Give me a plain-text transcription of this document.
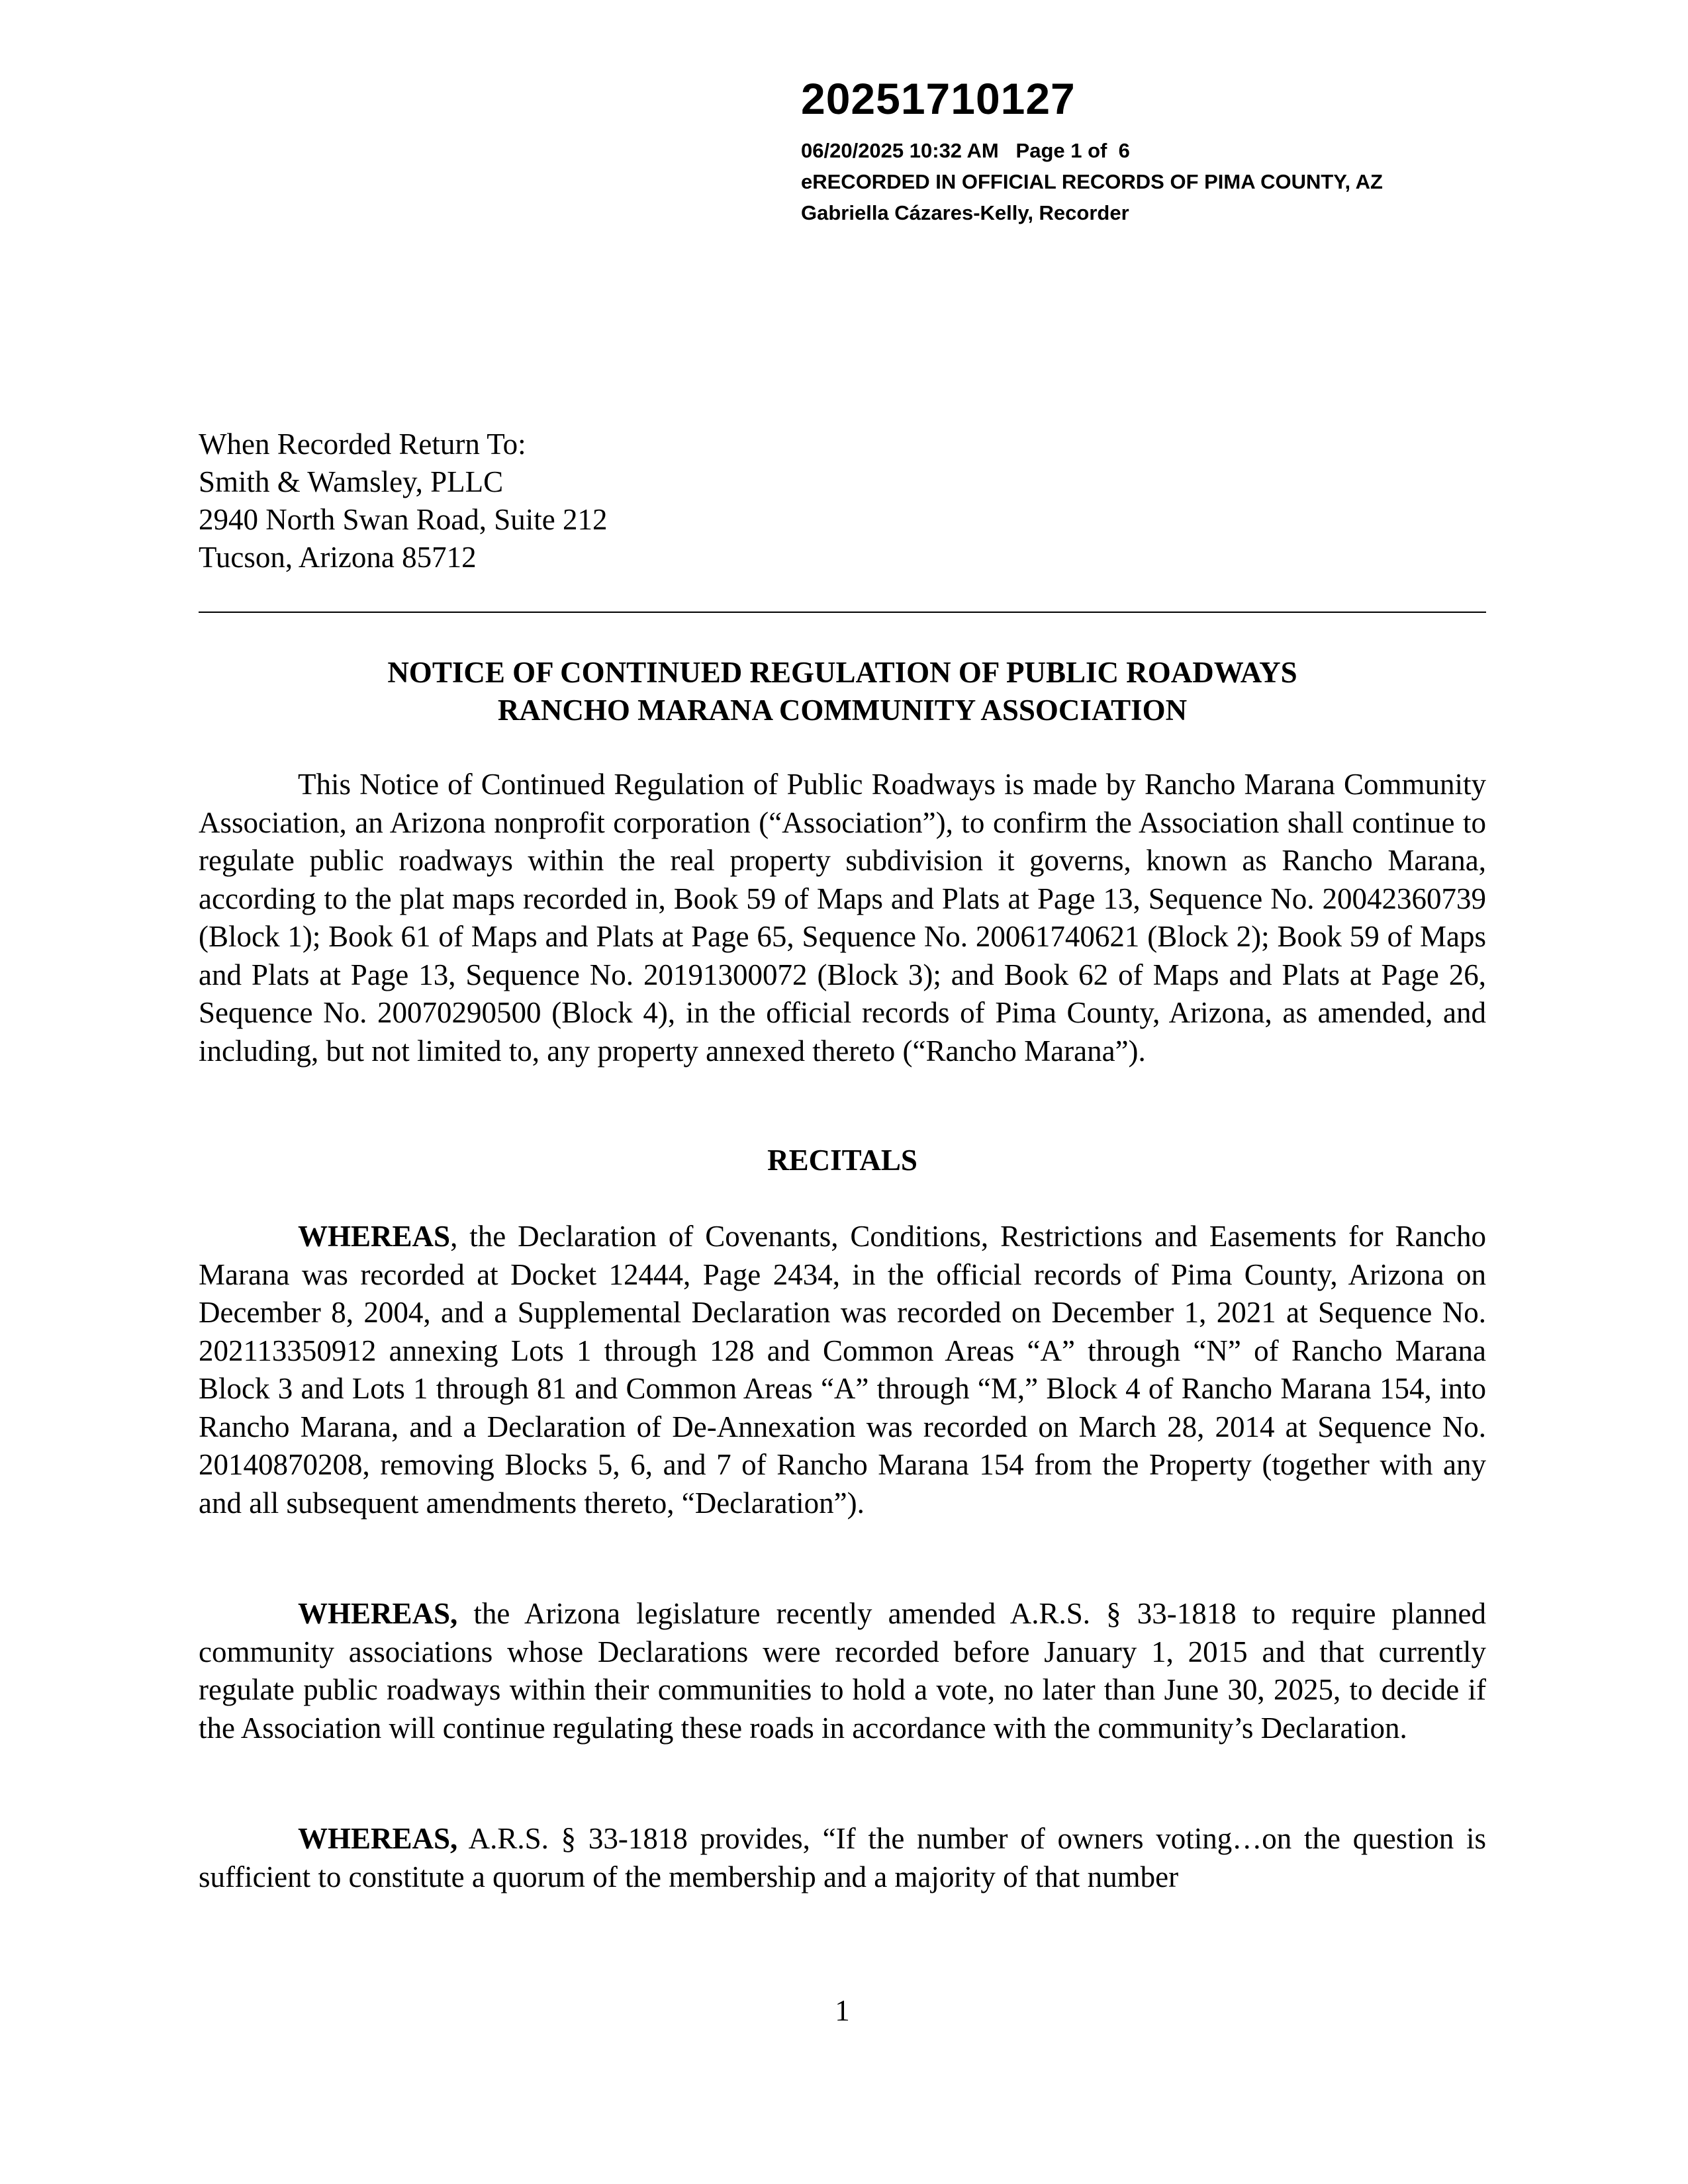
20251710127
06/20/2025 10:32 AM   Page 1 of  6
eRECORDED IN OFFICIAL RECORDS OF PIMA COUNTY, AZ
Gabriella Cázares-Kelly, Recorder
When Recorded Return To:
Smith & Wamsley, PLLC
2940 North Swan Road, Suite 212
Tucson, Arizona 85712
NOTICE OF CONTINUED REGULATION OF PUBLIC ROADWAYS
RANCHO MARANA COMMUNITY ASSOCIATION

This Notice of Continued Regulation of Public Roadways is made by Rancho Marana Community Association, an Arizona nonprofit corporation (“Association”), to confirm the Association shall continue to regulate public roadways within the real property subdivision it governs, known as Rancho Marana, according to the plat maps recorded in, Book 59 of Maps and Plats at Page 13, Sequence No. 20042360739 (Block 1); Book 61 of Maps and Plats at Page 65, Sequence No. 20061740621 (Block 2); Book 59 of Maps and Plats at Page 13, Sequence No. 20191300072 (Block 3); and Book 62 of Maps and Plats at Page 26, Sequence No. 20070290500 (Block 4), in the official records of Pima County, Arizona, as amended, and including, but not limited to, any property annexed thereto (“Rancho Marana”).

RECITALS

WHEREAS, the Declaration of Covenants, Conditions, Restrictions and Easements for Rancho Marana was recorded at Docket 12444, Page 2434, in the official records of Pima County, Arizona on December 8, 2004, and a Supplemental Declaration was recorded on December 1, 2021 at Sequence No. 202113350912 annexing Lots 1 through 128 and Common Areas “A” through “N” of Rancho Marana Block 3 and Lots 1 through 81 and Common Areas “A” through “M,” Block 4 of Rancho Marana 154, into Rancho Marana, and a Declaration of De-Annexation was recorded on March 28, 2014 at Sequence No. 20140870208, removing Blocks 5, 6, and 7 of Rancho Marana 154 from the Property (together with any and all subsequent amendments thereto, “Declaration”).

WHEREAS, the Arizona legislature recently amended A.R.S. § 33-1818 to require planned community associations whose Declarations were recorded before January 1, 2015 and that currently regulate public roadways within their communities to hold a vote, no later than June 30, 2025, to decide if the Association will continue regulating these roads in accordance with the community’s Declaration.

WHEREAS, A.R.S. § 33-1818 provides, “If the number of owners voting…on the question is sufficient to constitute a quorum of the membership and a majority of that number

1
